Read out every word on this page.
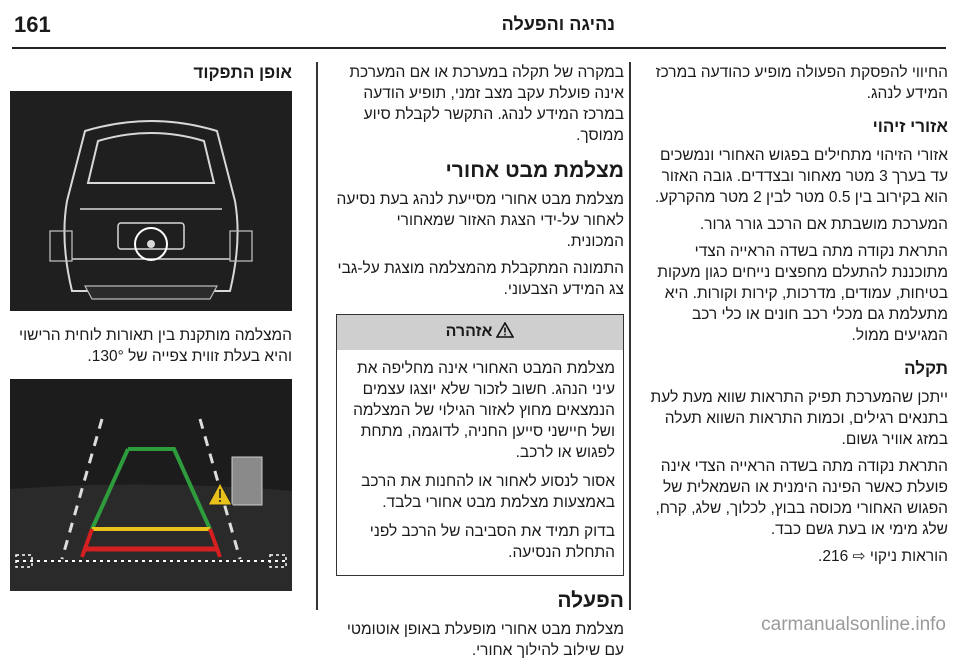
161	נהיגה והפעלה

החיווי להפסקת הפעולה מופיע כהודעה במרכז המידע לנהג.

אזורי זיהוי

אזורי הזיהוי מתחילים בפגוש האחורי ונמשכים עד בערך 3 מטר מאחור ובצדדים. גובה האזור הוא בקירוב בין 0.5 מטר לבין 2 מטר מהקרקע.

המערכת מושבתת אם הרכב גורר גרור.

התראת נקודה מתה בשדה הראייה הצדי מתוכננת להתעלם מחפצים נייחים כגון מעקות בטיחות, עמודים, מדרכות, קירות וקורות. היא מתעלמת גם מכלי רכב חונים או כלי רכב המגיעים ממול.

תקלה

ייתכן שהמערכת תפיק התראות שווא מעת לעת בתנאים רגילים, וכמות התראות השווא תעלה במזג אוויר גשום.

התראת נקודה מתה בשדה הראייה הצדי אינה פועלת כאשר הפינה הימנית או השמאלית של הפגוש האחורי מכוסה בבוץ, לכלוך, שלג, קרח, שלג מימי או בעת גשם כבד.

הוראות ניקוי ⇨ 216.

במקרה של תקלה במערכת או אם המערכת אינה פועלת עקב מצב זמני, תופיע הודעה במרכז המידע לנהג. התקשר לקבלת סיוע ממוסך.

מצלמת מבט אחורי

מצלמת מבט אחורי מסייעת לנהג בעת נסיעה לאחור על-ידי הצגת האזור שמאחורי המכונית.

התמונה המתקבלת מהמצלמה מוצגת על-גבי צג המידע הצבעוני.

אזהרה

מצלמת המבט האחורי אינה מחליפה את עיני הנהג. חשוב לזכור שלא יוצגו עצמים הנמצאים מחוץ לאזור הגילוי של המצלמה ושל חיישני סייען החניה, לדוגמה, מתחת לפגוש או לרכב.

אסור לנסוע לאחור או להחנות את הרכב באמצעות מצלמת מבט אחורי בלבד.

בדוק תמיד את הסביבה של הרכב לפני התחלת הנסיעה.

הפעלה

מצלמת מבט אחורי מופעלת באופן אוטומטי עם שילוב להילוך אחורי.

אופן התפקוד

המצלמה מותקנת בין תאורות לוחית הרישוי והיא בעלת זווית צפייה של 130°.

carmanualsonline.info
